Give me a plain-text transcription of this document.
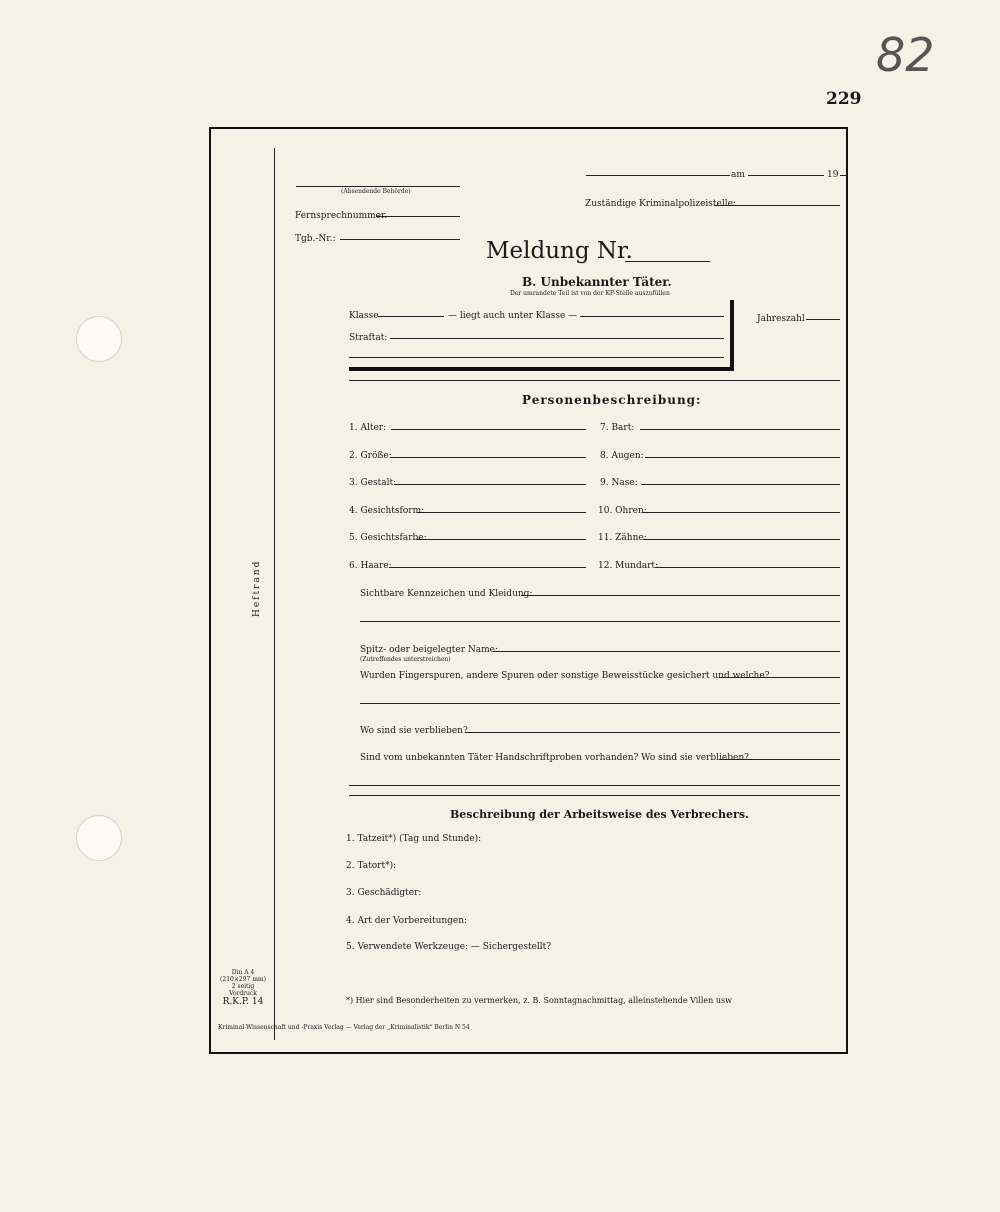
82
229
Heftrand
am	19
(Absendende Behörde)
Zuständige Kriminalpolizeistelle:
Fernsprechnummer.
Tgb.-Nr.:	Meldung Nr.
B. Unbekannter Täter.
Der umrandete Teil ist von der KP-Stelle auszufüllen
Klasse	— liegt auch unter Klasse —	Jahreszahl
Straftat:
Personenbeschreibung:
1. Alter:	7. Bart:
2. Größe:	8. Augen:
3. Gestalt:	9. Nase:
4. Gesichtsform:	10. Ohren:
5. Gesichtsfarbe:	11. Zähne:
6. Haare:	12. Mundart:
Sichtbare Kennzeichen und Kleidung:
Spitz- oder beigelegter Name:
(Zutreffendes unterstreichen)
Wurden Fingerspuren, andere Spuren oder sonstige Beweisstücke gesichert und welche?
Wo sind sie verblieben?
Sind vom unbekannten Täter Handschriftproben vorhanden? Wo sind sie verblieben?
Beschreibung der Arbeitsweise des Verbrechers.
1. Tatzeit*) (Tag und Stunde):
2. Tatort*):
3. Geschädigter:
4. Art der Vorbereitungen:
5. Verwendete Werkzeuge: — Sichergestellt?
*) Hier sind Besonderheiten zu vermerken, z. B. Sonntagnachmittag, alleinstehende Villen usw
Din A 4
(210×297 mm)
2 seitig
Vordruck
R.K.P. 14
Kriminal-Wissenschaft und -Praxis Verlag — Verlag der „Kriminalistik“ Berlin N 54
